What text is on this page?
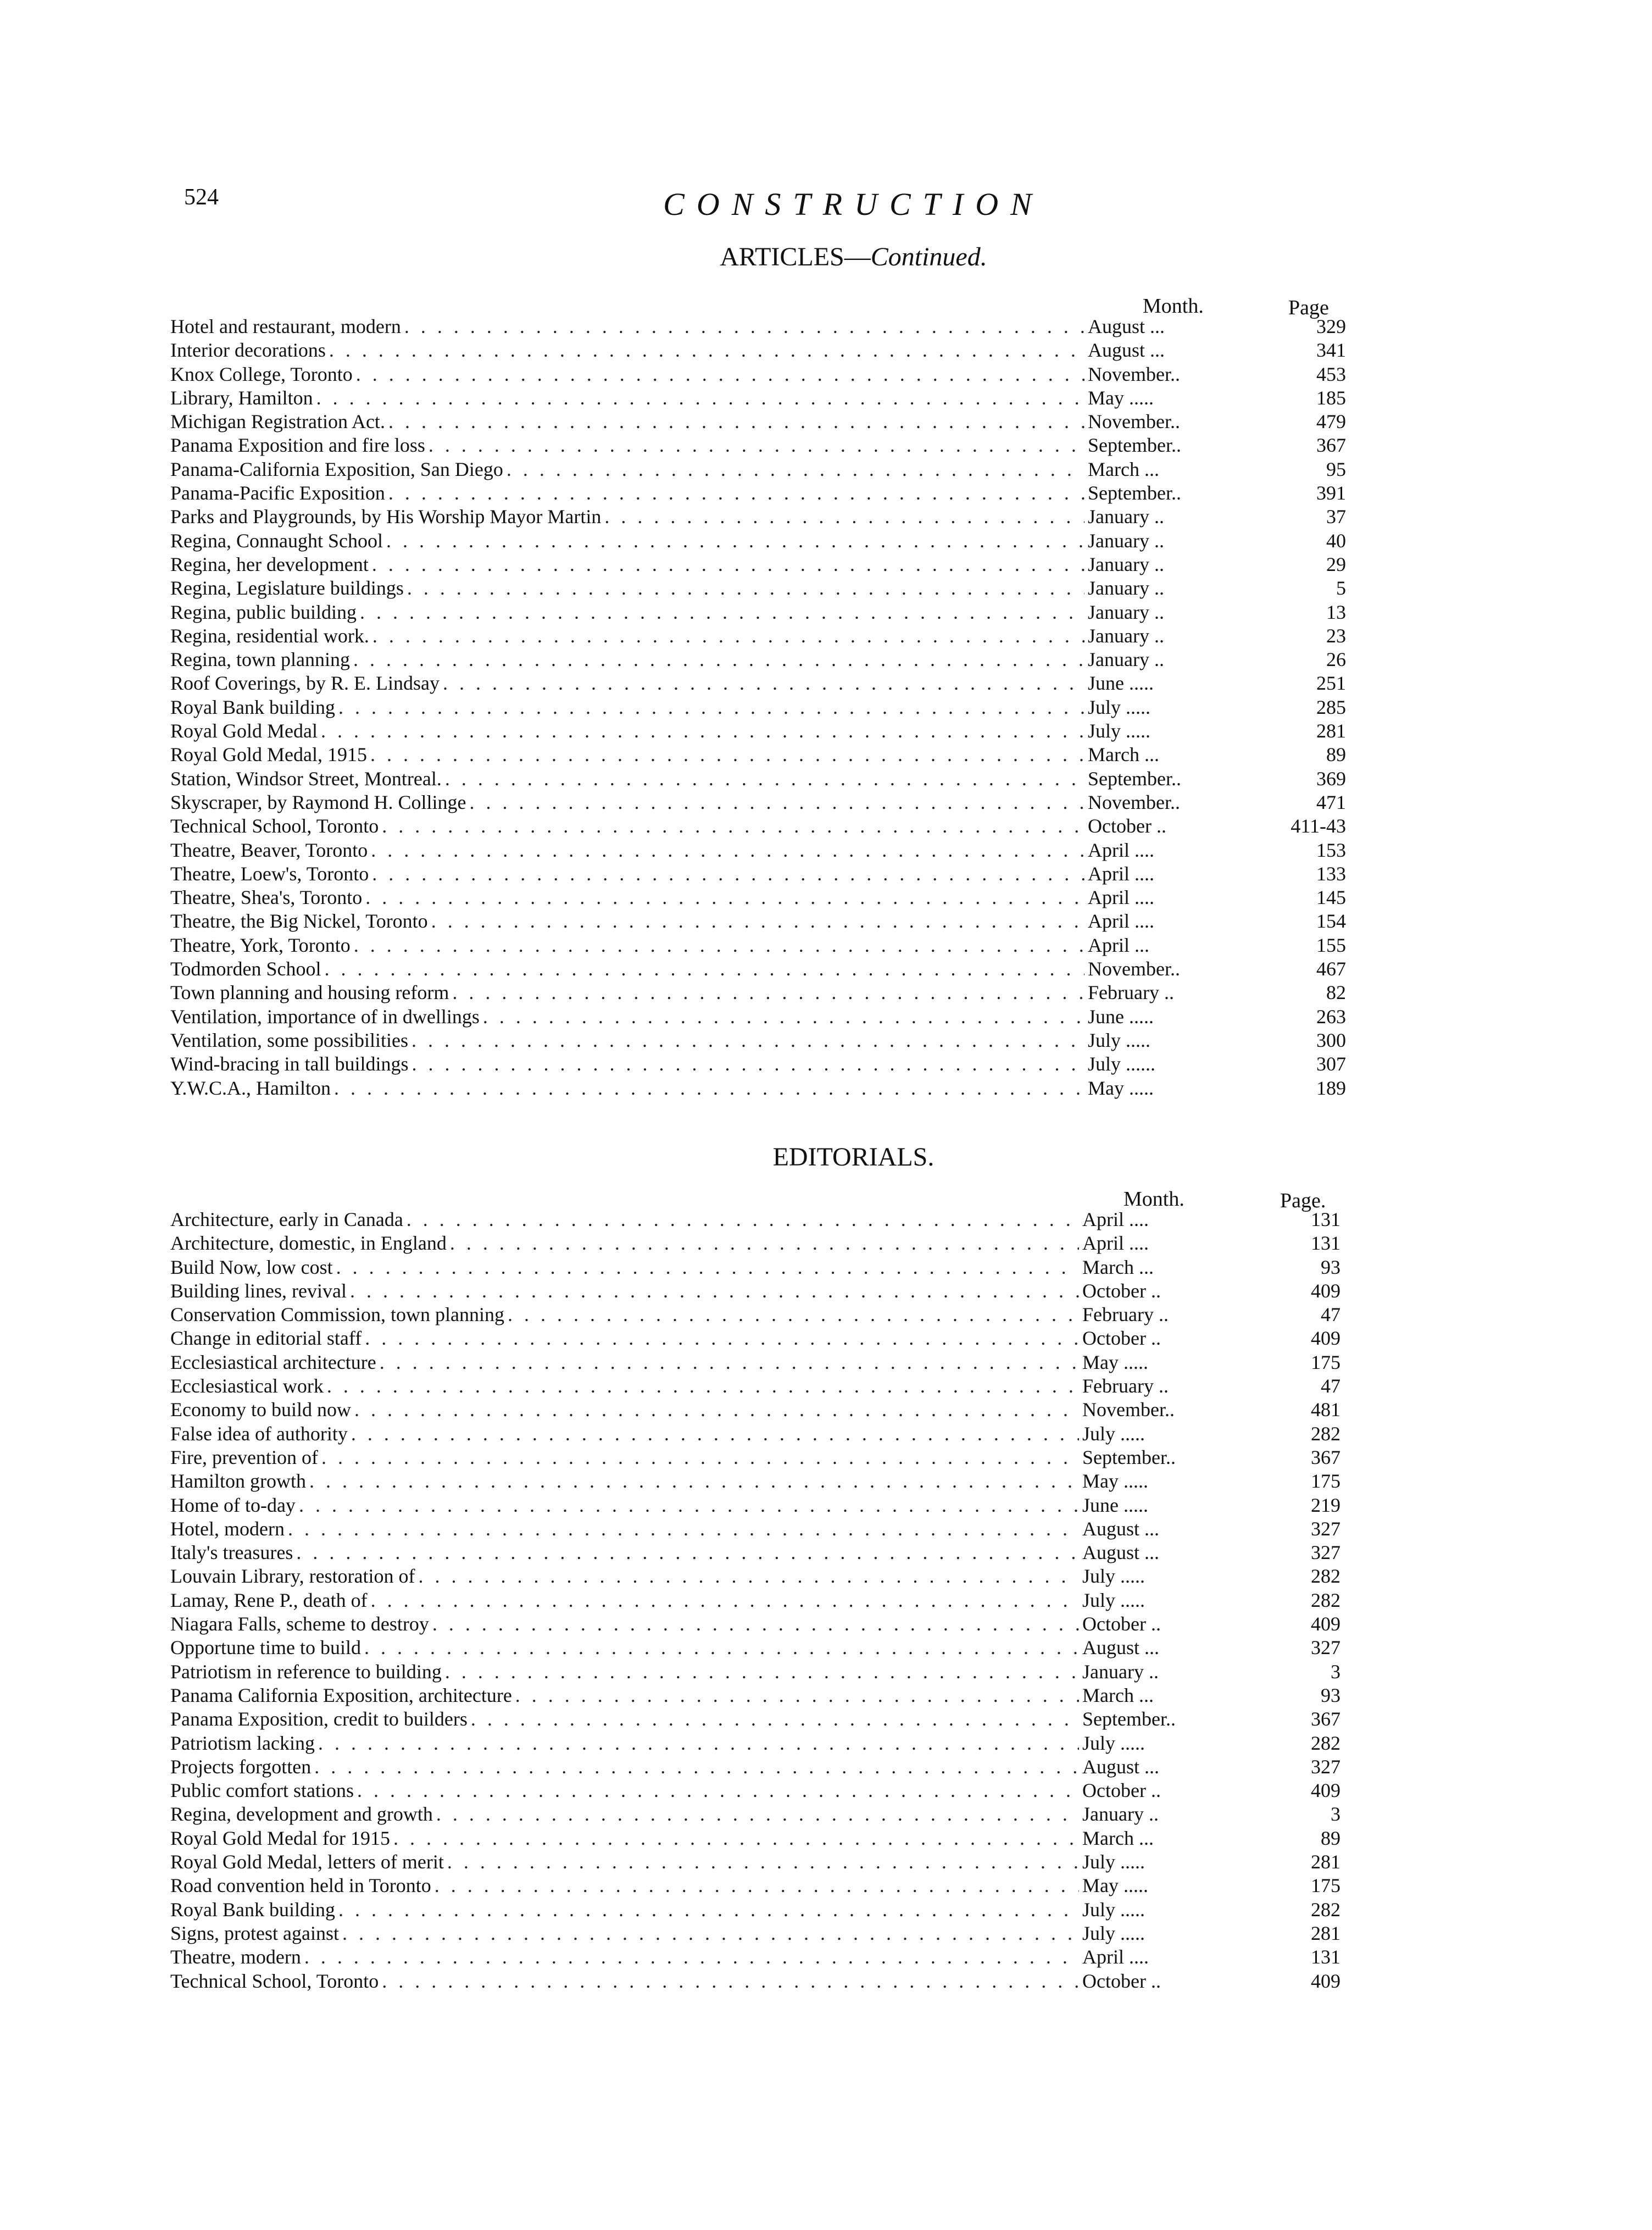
524	CONSTRUCTION
ARTICLES—Continued.
Month.	Page
Hotel and restaurant, modern . . .	August ...	329
Interior decorations . . .	August ...	341
Knox College, Toronto . . .	November..	453
Library, Hamilton . . .	May .....	185
Michigan Registration Act. . . .	November..	479
Panama Exposition and fire loss . . .	September..	367
Panama-California Exposition, San Diego . . .	March ...	95
Panama-Pacific Exposition . . .	September..	391
Parks and Playgrounds, by His Worship Mayor Martin . . .	January ..	37
Regina, Connaught School . . .	January ..	40
Regina, her development . . .	January ..	29
Regina, Legislature buildings . . .	January ..	5
Regina, public building . . .	January ..	13
Regina, residential work. . . .	January ..	23
Regina, town planning . . .	January ..	26
Roof Coverings, by R. E. Lindsay . . .	June .....	251
Royal Bank building . . .	July .....	285
Royal Gold Medal . . .	July .....	281
Royal Gold Medal, 1915 . . .	March ...	89
Station, Windsor Street, Montreal. . . .	September..	369
Skyscraper, by Raymond H. Collinge . . .	November..	471
Technical School, Toronto . . .	October ..	411-43
Theatre, Beaver, Toronto . . .	April ....	153
Theatre, Loew's, Toronto . . .	April ....	133
Theatre, Shea's, Toronto . . .	April ....	145
Theatre, the Big Nickel, Toronto . . .	April ....	154
Theatre, York, Toronto . . .	April ...	155
Todmorden School . . .	November..	467
Town planning and housing reform . . .	February ..	82
Ventilation, importance of in dwellings . . .	June .....	263
Ventilation, some possibilities . . .	July .....	300
Wind-bracing in tall buildings . . .	July ......	307
Y.W.C.A., Hamilton . . .	May .....	189
EDITORIALS.
Month.	Page.
Architecture, early in Canada . . .	April ....	131
Architecture, domestic, in England . . .	April ....	131
Build Now, low cost . . .	March ...	93
Building lines, revival . . .	October ..	409
Conservation Commission, town planning . . .	February ..	47
Change in editorial staff . . .	October ..	409
Ecclesiastical architecture . . .	May .....	175
Ecclesiastical work . . .	February ..	47
Economy to build now . . .	November..	481
False idea of authority . . .	July .....	282
Fire, prevention of . . .	September..	367
Hamilton growth . . .	May .....	175
Home of to-day . . .	June .....	219
Hotel, modern . . .	August ...	327
Italy's treasures . . .	August ...	327
Louvain Library, restoration of . . .	July .....	282
Lamay, Rene P., death of . . .	July .....	282
Niagara Falls, scheme to destroy . . .	October ..	409
Opportune time to build . . .	August ...	327
Patriotism in reference to building . . .	January ..	3
Panama California Exposition, architecture . . .	March ...	93
Panama Exposition, credit to builders . . .	September..	367
Patriotism lacking . . .	July .....	282
Projects forgotten . . .	August ...	327
Public comfort stations . . .	October ..	409
Regina, development and growth . . .	January ..	3
Royal Gold Medal for 1915 . . .	March ...	89
Royal Gold Medal, letters of merit . . .	July .....	281
Road convention held in Toronto . . .	May .....	175
Royal Bank building . . .	July .....	282
Signs, protest against . . .	July .....	281
Theatre, modern . . .	April ....	131
Technical School, Toronto . . .	October ..	409
